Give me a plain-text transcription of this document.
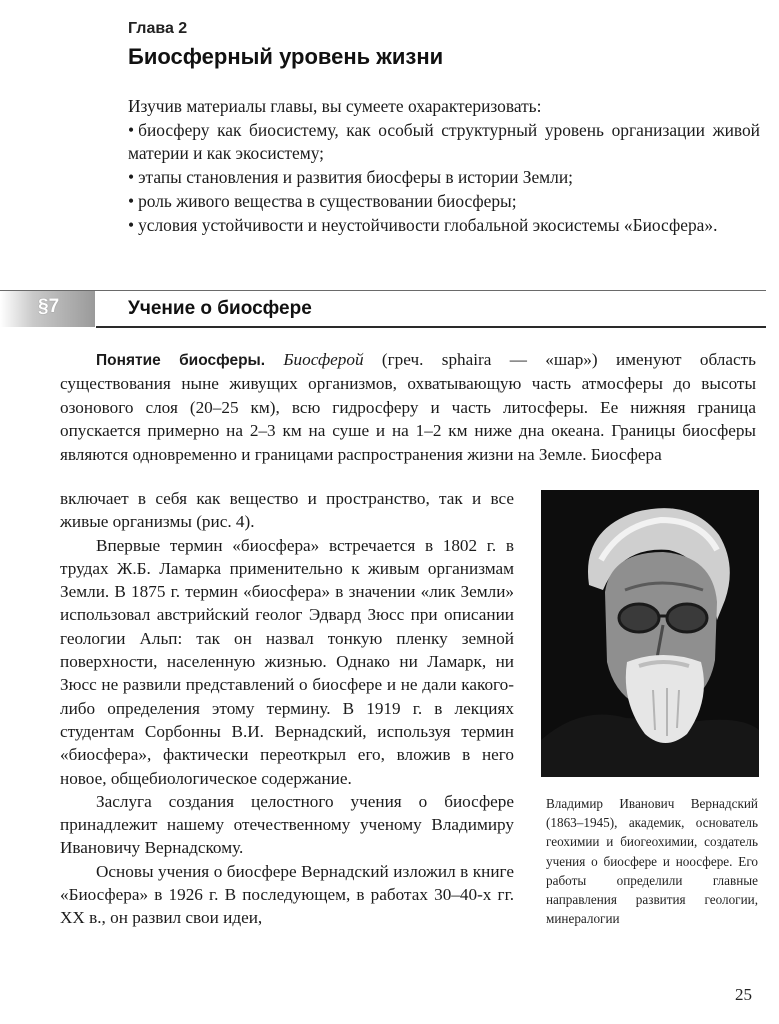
Глава 2
Биосферный уровень жизни

Изучив материалы главы, вы сумеете охарактеризовать:

• биосферу как биосистему, как особый структурный уровень организации живой материи и как экосистему;

• этапы становления и развития биосферы в истории Земли;

• роль живого вещества в существовании биосферы;

• условия устойчивости и неустойчивости глобальной экосистемы «Биосфера».

§7	Учение о биосфере

Понятие биосферы. Биосферой (греч. sphaira — «шар») именуют область существования ныне живущих организмов, охватывающую часть атмосферы до высоты озонового слоя (20–25 км), всю гидросферу и часть литосферы. Ее нижняя граница опускается примерно на 2–3 км на суше и на 1–2 км ниже дна океана. Границы биосферы являются одновременно и границами распространения жизни на Земле. Биосфера

включает в себя как вещество и пространство, так и все живые организмы (рис. 4).

Впервые термин «биосфера» встречается в 1802 г. в трудах Ж.Б. Ламарка применительно к живым организмам Земли. В 1875 г. термин «биосфера» в значении «лик Земли» использовал австрийский геолог Эдвард Зюсс при описании геологии Альп: так он назвал тонкую пленку земной поверхности, населенную жизнью. Однако ни Ламарк, ни Зюсс не развили представлений о биосфере и не дали какого-либо определения этому термину. В 1919 г. в лекциях студентам Сорбонны В.И. Вернадский, используя термин «биосфера», фактически переоткрыл его, вложив в него новое, общебиологическое содержание.

Заслуга создания целостного учения о биосфере принадлежит нашему отечественному ученому Владимиру Ивановичу Вернадскому.

Основы учения о биосфере Вернадский изложил в книге «Биосфера» в 1926 г. В последующем, в работах 30–40-х гг. XX в., он развил свои идеи,

Владимир Иванович Вернадский (1863–1945), академик, основатель геохимии и биогеохимии, создатель учения о биосфере и ноосфере. Его работы определили главные направления развития геологии, минералогии
25
